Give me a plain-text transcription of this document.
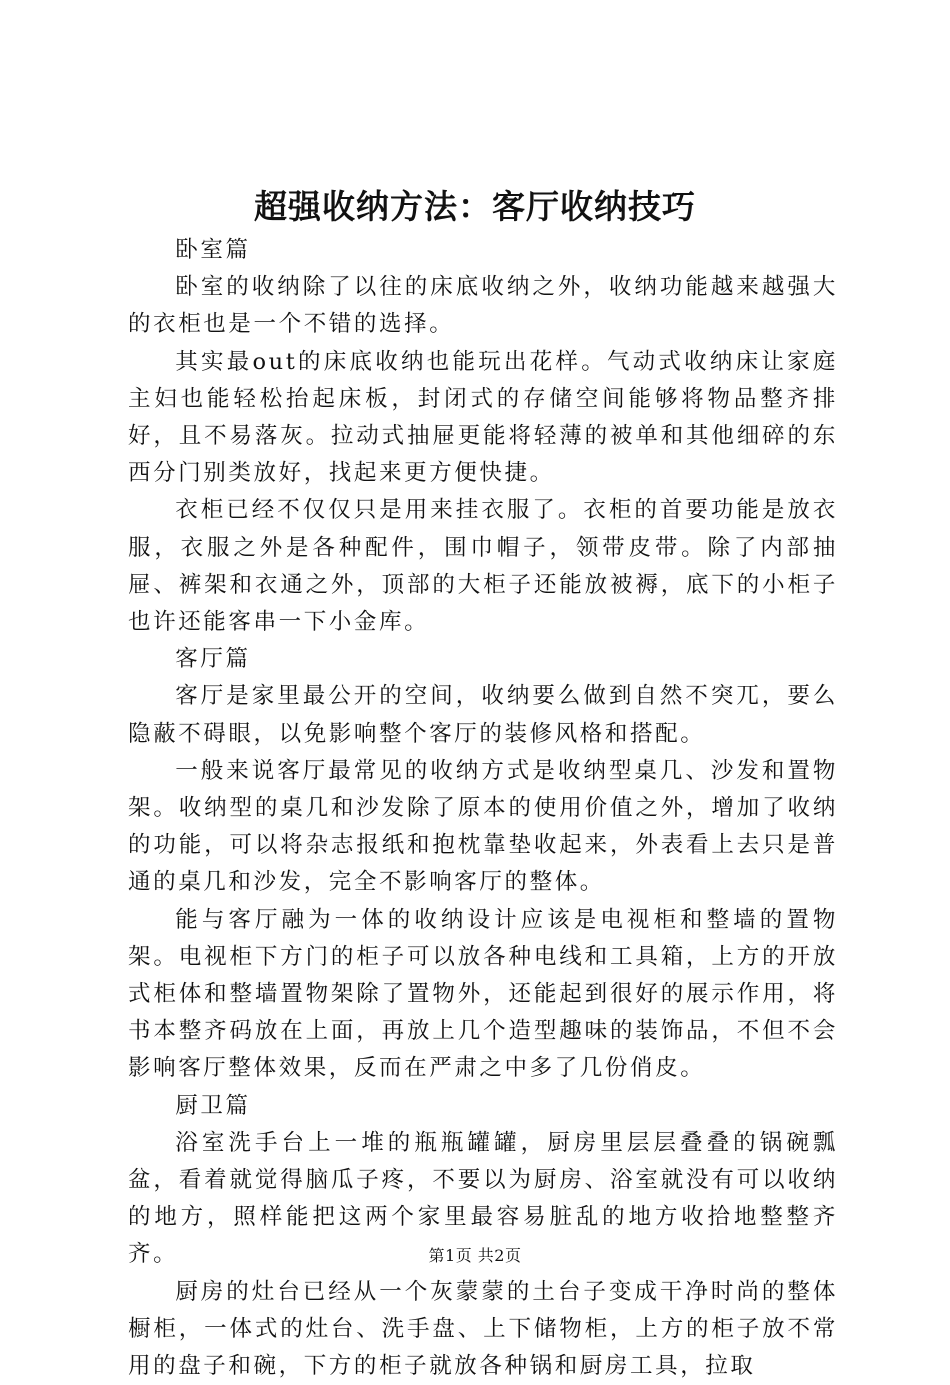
超强收纳方法：客厅收纳技巧

卧室篇

卧室的收纳除了以往的床底收纳之外，收纳功能越来越强大的衣柜也是一个不错的选择。

其实最out的床底收纳也能玩出花样。气动式收纳床让家庭主妇也能轻松抬起床板，封闭式的存储空间能够将物品整齐排好，且不易落灰。拉动式抽屉更能将轻薄的被单和其他细碎的东西分门别类放好，找起来更方便快捷。

衣柜已经不仅仅只是用来挂衣服了。衣柜的首要功能是放衣服，衣服之外是各种配件，围巾帽子，领带皮带。除了内部抽屉、裤架和衣通之外，顶部的大柜子还能放被褥，底下的小柜子也许还能客串一下小金库。

客厅篇

客厅是家里最公开的空间，收纳要么做到自然不突兀，要么隐蔽不碍眼，以免影响整个客厅的装修风格和搭配。

一般来说客厅最常见的收纳方式是收纳型桌几、沙发和置物架。收纳型的桌几和沙发除了原本的使用价值之外，增加了收纳的功能，可以将杂志报纸和抱枕靠垫收起来，外表看上去只是普通的桌几和沙发，完全不影响客厅的整体。

能与客厅融为一体的收纳设计应该是电视柜和整墙的置物架。电视柜下方门的柜子可以放各种电线和工具箱，上方的开放式柜体和整墙置物架除了置物外，还能起到很好的展示作用，将书本整齐码放在上面，再放上几个造型趣味的装饰品，不但不会影响客厅整体效果，反而在严肃之中多了几份俏皮。

厨卫篇

浴室洗手台上一堆的瓶瓶罐罐，厨房里层层叠叠的锅碗瓢盆，看着就觉得脑瓜子疼，不要以为厨房、浴室就没有可以收纳的地方，照样能把这两个家里最容易脏乱的地方收拾地整整齐齐。

厨房的灶台已经从一个灰蒙蒙的土台子变成干净时尚的整体橱柜，一体式的灶台、洗手盘、上下储物柜，上方的柜子放不常用的盘子和碗，下方的柜子就放各种锅和厨房工具，拉取

第1页 共2页
